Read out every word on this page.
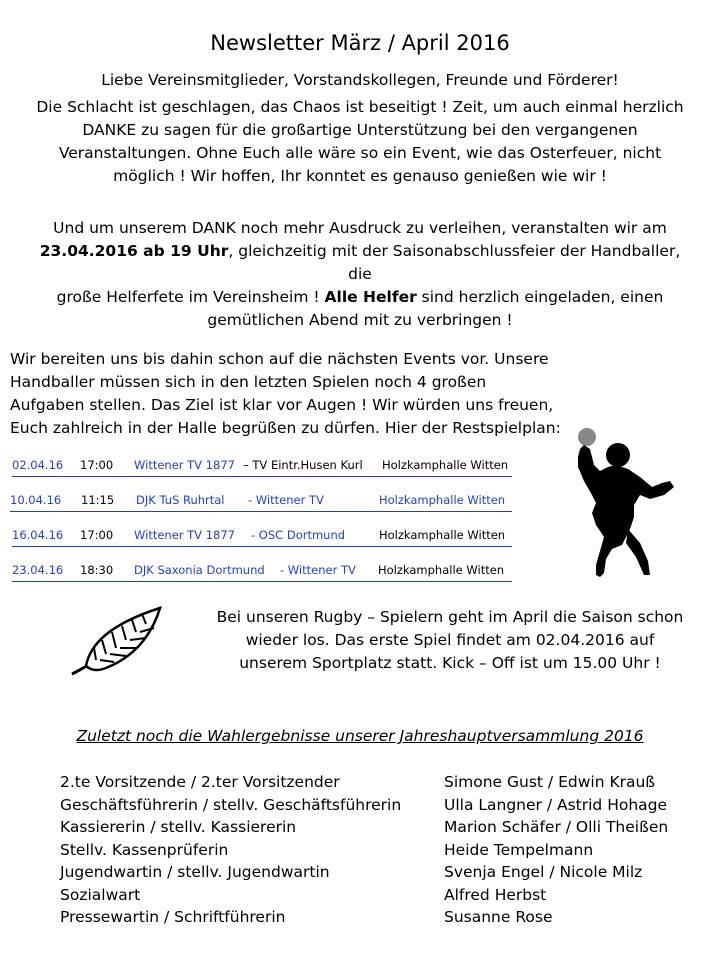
Newsletter März / April 2016
Liebe Vereinsmitglieder, Vorstandskollegen, Freunde und Förderer!
Die Schlacht ist geschlagen, das Chaos ist beseitigt ! Zeit, um auch einmal herzlich
DANKE zu sagen für die großartige Unterstützung bei den vergangenen
Veranstaltungen. Ohne Euch alle wäre so ein Event, wie das Osterfeuer, nicht
möglich ! Wir hoffen, Ihr konntet es genauso genießen wie wir !
Und um unserem DANK noch mehr Ausdruck zu verleihen, veranstalten wir am
23.04.2016 ab 19 Uhr, gleichzeitig mit der Saisonabschlussfeier der Handballer, die
große Helferfete im Vereinsheim ! Alle Helfer sind herzlich eingeladen, einen
gemütlichen Abend mit zu verbringen !
Wir bereiten uns bis dahin schon auf die nächsten Events vor. Unsere
Handballer müssen sich in den letzten Spielen noch 4 großen
Aufgaben stellen. Das Ziel ist klar vor Augen ! Wir würden uns freuen,
Euch zahlreich in der Halle begrüßen zu dürfen. Hier der Restspielplan:
02.04.16 17:00 Wittener TV 1877 – TV Eintr.Husen Kurl Holzkamphalle Witten
10.04.16 11:15 DJK TuS Ruhrtal - Wittener TV	Holzkamphalle Witten
16.04.16 17:00 Wittener TV 1877 - OSC Dortmund	Holzkamphalle Witten
23.04.16 18:30 DJK Saxonia Dortmund - Wittener TV Holzkamphalle Witten
Bei unseren Rugby – Spielern geht im April die Saison schon
wieder los. Das erste Spiel findet am 02.04.2016 auf
unserem Sportplatz statt. Kick – Off ist um 15.00 Uhr !
Zuletzt noch die Wahlergebnisse unserer Jahreshauptversammlung 2016
2.te Vorsitzende / 2.ter Vorsitzender
Geschäftsführerin / stellv. Geschäftsführerin
Kassiererin / stellv. Kassiererin
Stellv. Kassenprüferin
Jugendwartin / stellv. Jugendwartin
Sozialwart
Pressewartin / Schriftführerin
Simone Gust / Edwin Krauß
Ulla Langner / Astrid Hohage
Marion Schäfer / Olli Theißen
Heide Tempelmann
Svenja Engel / Nicole Milz
Alfred Herbst
Susanne Rose
